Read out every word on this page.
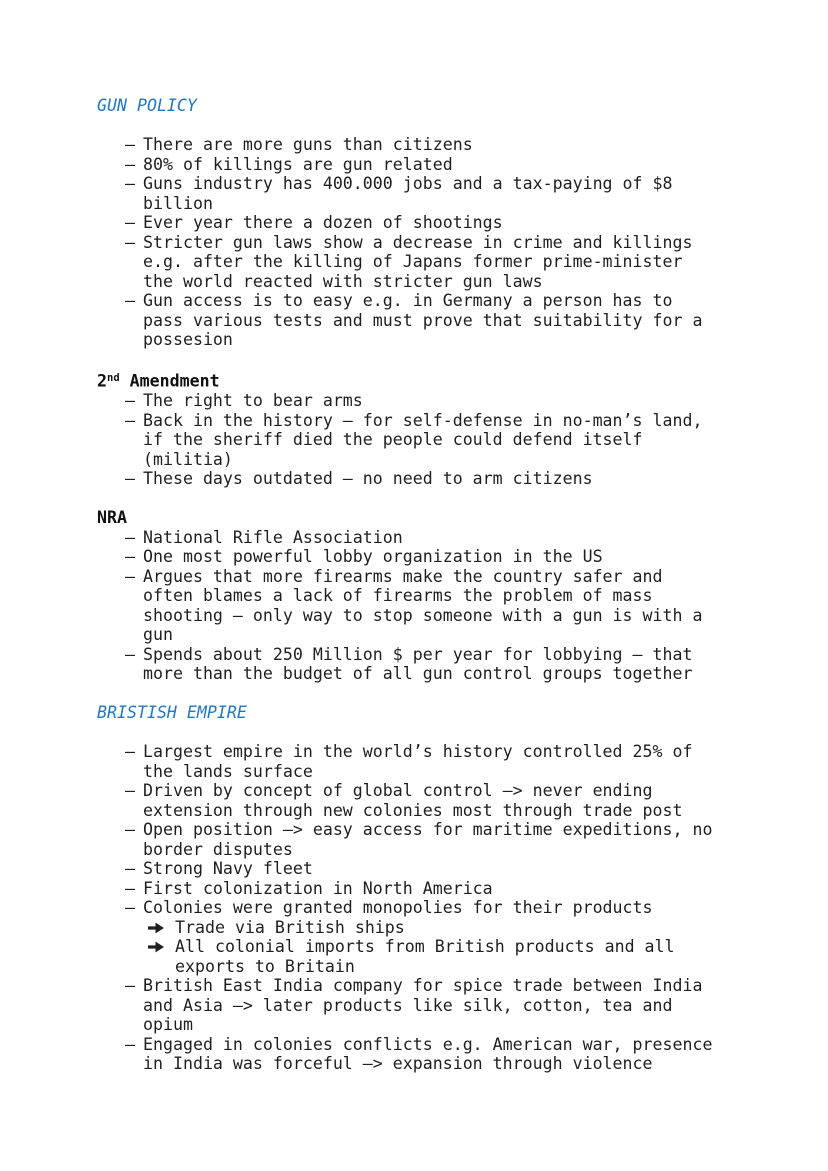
GUN POLICY
– There are more guns than citizens
– 80% of killings are gun related
– Guns industry has 400.000 jobs and a tax-paying of $8
billion
– Ever year there a dozen of shootings
– Stricter gun laws show a decrease in crime and killings
e.g. after the killing of Japans former prime-minister
the world reacted with stricter gun laws
– Gun access is to easy e.g. in Germany a person has to
pass various tests and must prove that suitability for a
possesion
2nd Amendment
– The right to bear arms
– Back in the history – for self-defense in no-man’s land,
if the sheriff died the people could defend itself
(militia)
– These days outdated – no need to arm citizens
NRA
– National Rifle Association
– One most powerful lobby organization in the US
– Argues that more firearms make the country safer and
often blames a lack of firearms the problem of mass
shooting – only way to stop someone with a gun is with a
gun
– Spends about 250 Million $ per year for lobbying – that
more than the budget of all gun control groups together
BRISTISH EMPIRE
– Largest empire in the world’s history controlled 25% of
the lands surface
– Driven by concept of global control –> never ending
extension through new colonies most through trade post
– Open position –> easy access for maritime expeditions, no
border disputes
– Strong Navy fleet
– First colonization in North America
– Colonies were granted monopolies for their products
Trade via British ships
All colonial imports from British products and all
exports to Britain
– British East India company for spice trade between India
and Asia –> later products like silk, cotton, tea and
opium
– Engaged in colonies conflicts e.g. American war, presence
in India was forceful –> expansion through violence
